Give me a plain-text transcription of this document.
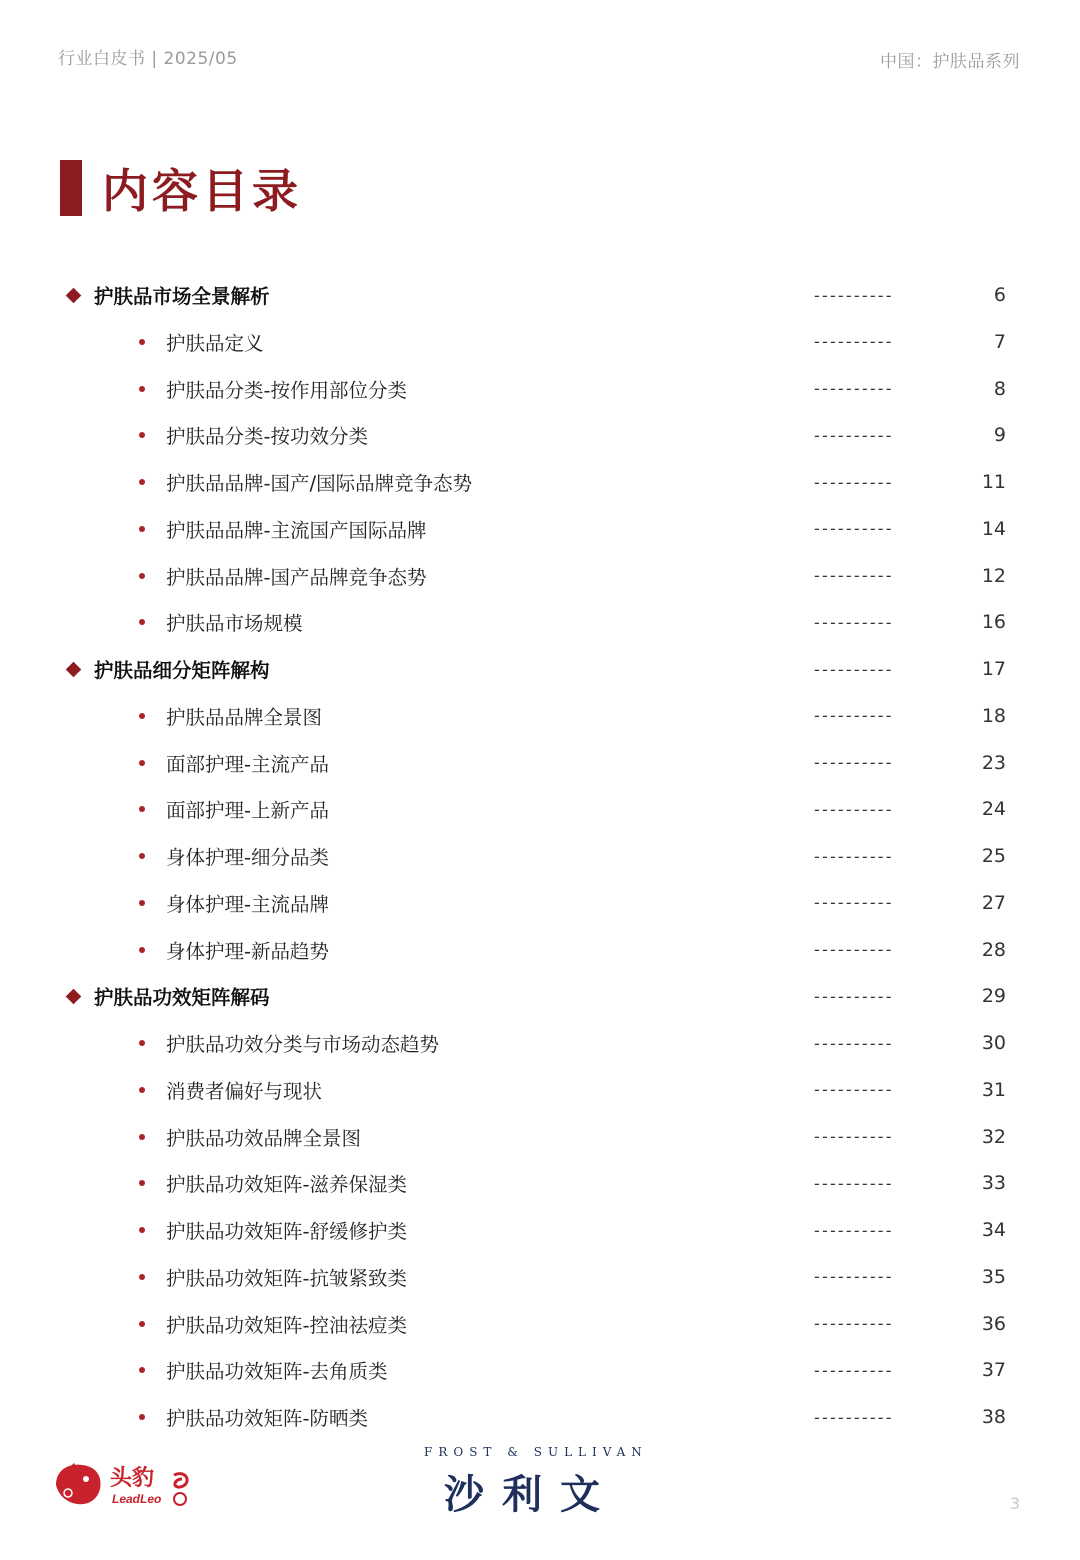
行业白皮书 | 2025/05	中国：护肤品系列
内容目录
护肤品市场全景解析	----------	6
护肤品定义	----------	7
护肤品分类-按作用部位分类	----------	8
护肤品分类-按功效分类	----------	9
护肤品品牌-国产/国际品牌竞争态势	----------	11
护肤品品牌-主流国产国际品牌	----------	14
护肤品品牌-国产品牌竞争态势	----------	12
护肤品市场规模	----------	16
护肤品细分矩阵解构	----------	17
护肤品品牌全景图	----------	18
面部护理-主流产品	----------	23
面部护理-上新产品	----------	24
身体护理-细分品类	----------	25
身体护理-主流品牌	----------	27
身体护理-新品趋势	----------	28
护肤品功效矩阵解码	----------	29
护肤品功效分类与市场动态趋势	----------	30
消费者偏好与现状	----------	31
护肤品功效品牌全景图	----------	32
护肤品功效矩阵-滋养保湿类	----------	33
护肤品功效矩阵-舒缓修护类	----------	34
护肤品功效矩阵-抗皱紧致类	----------	35
护肤品功效矩阵-控油祛痘类	----------	36
护肤品功效矩阵-去角质类	----------	37
护肤品功效矩阵-防晒类	----------	38
头豹
LeadLeo
FROST & SULLIVAN
沙利文	3
